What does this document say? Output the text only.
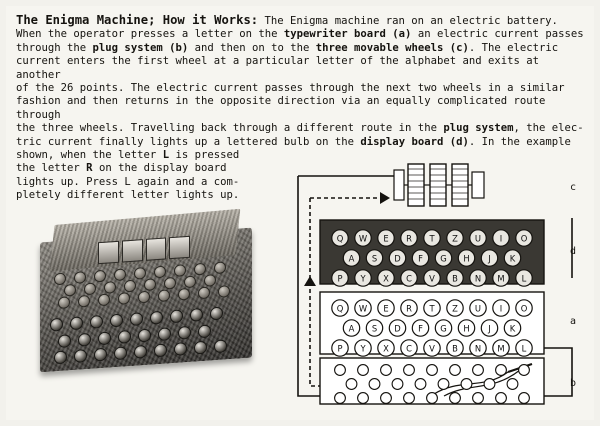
The Enigma Machine; How it Works: The Enigma machine ran on an electric battery.
When the operator presses a letter on the typewriter board (a) an electric current passes
through the plug system (b) and then on to the three movable wheels (c). The electric
current enters the first wheel at a particular letter of the alphabet and exits at another
of the 26 points. The electric current passes through the next two wheels in a similar
fashion and then returns in the opposite direction via an equally complicated route through
the three wheels. Travelling back through a different route in the plug system, the elec-
tric current finally lights up a lettered bulb on the display board (d). In the example
shown, when the letter L is pressed
the letter R on the display board
lights up. Press L again and a com-
pletely different letter lights up.
Q W E R T Z U I O
A S D F G H J K
P Y X C V B N M L
Q W E R T Z U I O
A S D F G H J K
P Y X C V B N M L
c
d
a
b
